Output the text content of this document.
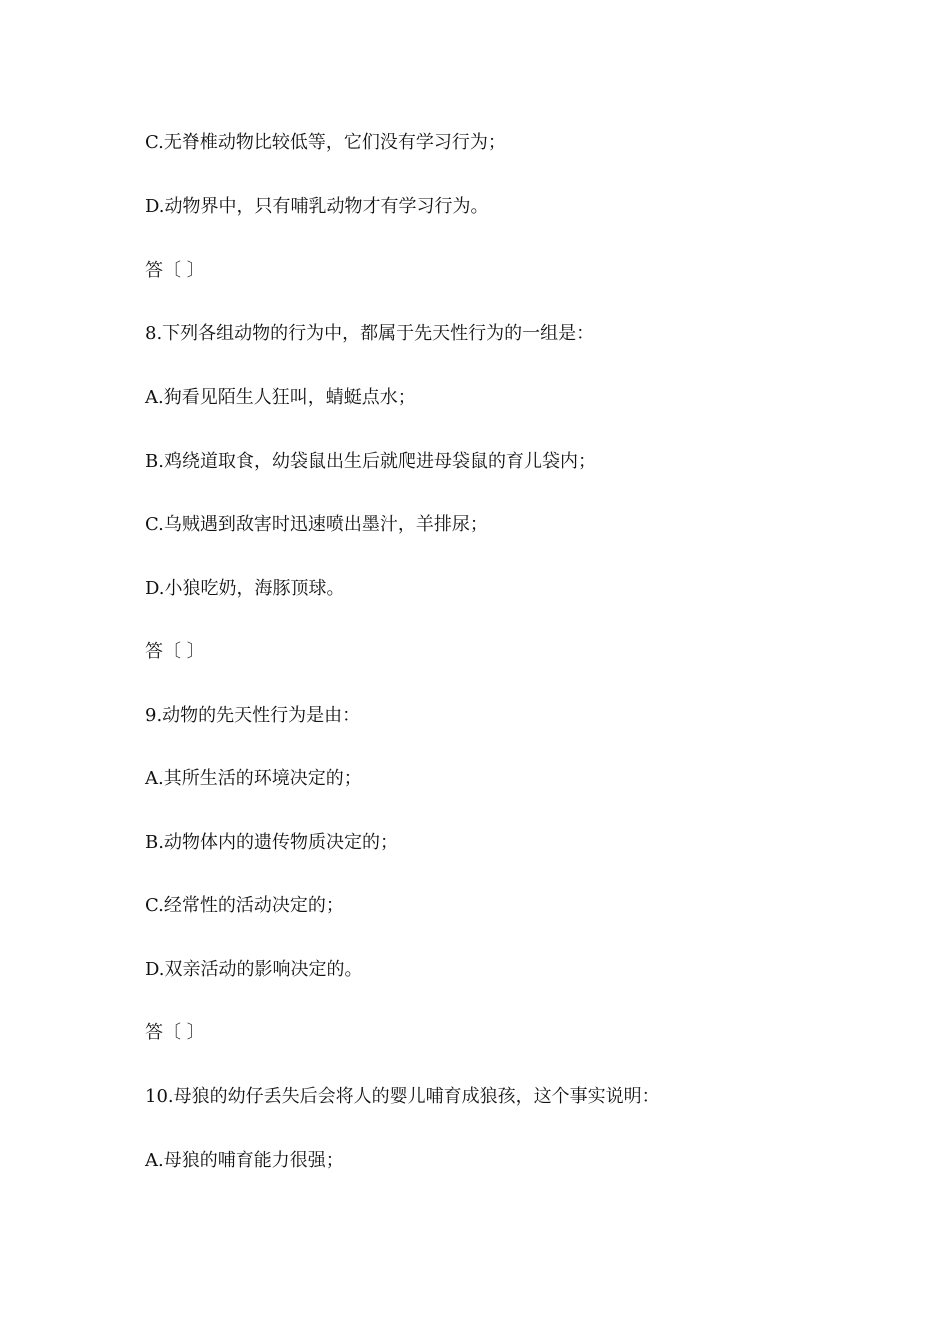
C.无脊椎动物比较低等，它们没有学习行为；
D.动物界中，只有哺乳动物才有学习行为。
答〔 〕
8.下列各组动物的行为中，都属于先天性行为的一组是：
A.狗看见陌生人狂叫，蜻蜓点水；
B.鸡绕道取食，幼袋鼠出生后就爬进母袋鼠的育儿袋内；
C.乌贼遇到敌害时迅速喷出墨汁，羊排尿；
D.小狼吃奶，海豚顶球。
答〔 〕
9.动物的先天性行为是由：
A.其所生活的环境决定的；
B.动物体内的遗传物质决定的；
C.经常性的活动决定的；
D.双亲活动的影响决定的。
答〔 〕
10.母狼的幼仔丢失后会将人的婴儿哺育成狼孩，这个事实说明：
A.母狼的哺育能力很强；
